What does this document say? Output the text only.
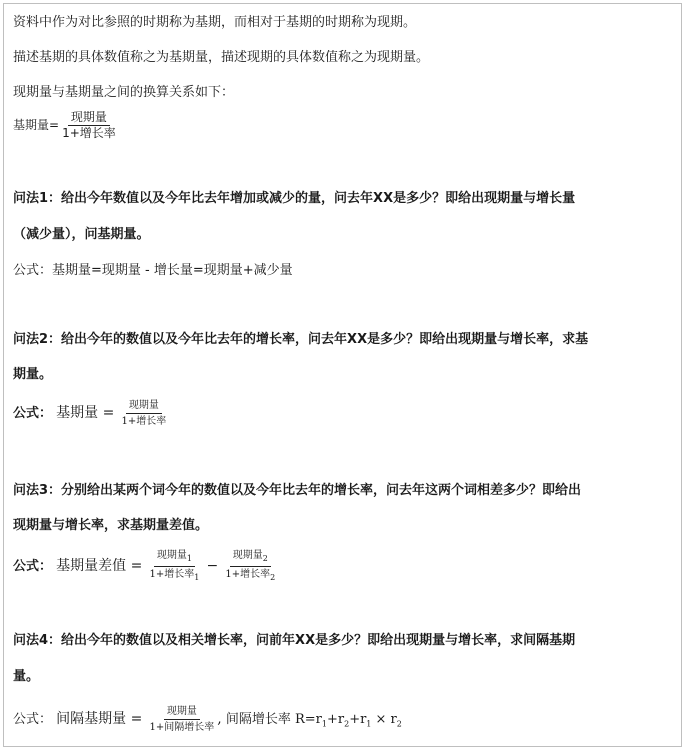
资料中作为对比参照的时期称为基期，而相对于基期的时期称为现期。
描述基期的具体数值称之为基期量，描述现期的具体数值称之为现期量。
现期量与基期量之间的换算关系如下：
基期量= $\frac{\text{现期量}}{\text{1+增长率}}$
问法1：给出今年数值以及今年比去年增加或减少的量，问去年XX是多少？即给出现期量与增长量
（减少量），问基期量。
公式：基期量=现期量 - 增长量=现期量+减少量
问法2：给出今年的数值以及今年比去年的增长率，问去年XX是多少？即给出现期量与增长率，求基
期量。
公式： 基期量 = $\frac{\text{现期量}}{\text{1+增长率}}$
问法3：分别给出某两个词今年的数值以及今年比去年的增长率，问去年这两个词相差多少？即给出
现期量与增长率，求基期量差值。
公式： 基期量差值 = $\frac{现期量_1}{1+增长率_1} - \frac{现期量_2}{1+增长率_2}$
问法4：给出今年的数值以及相关增长率，问前年XX是多少？即给出现期量与增长率，求间隔基期
量。
公式： 间隔基期量 = $\frac{\text{现期量}}{\text{1+间隔增长率}}$ , 间隔增长率 $R=r_1+r_2+r_1 \times r_2$
